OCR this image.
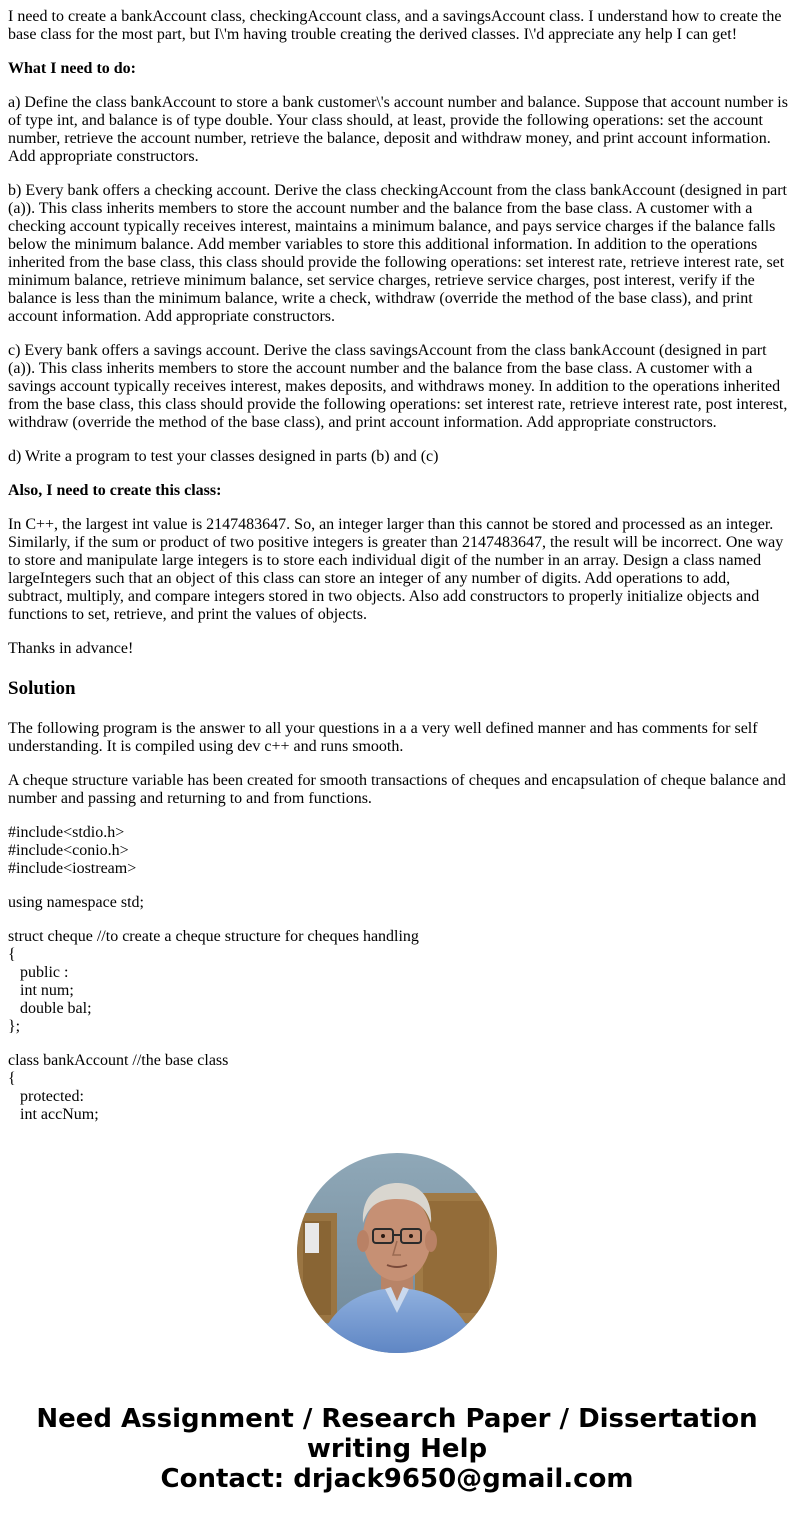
I need to create a bankAccount class, checkingAccount class, and a savingsAccount class. I understand how to create the base class for the most part, but I\'m having trouble creating the derived classes. I\'d appreciate any help I can get!

What I need to do:

a) Define the class bankAccount to store a bank customer\'s account number and balance. Suppose that account number is of type int, and balance is of type double. Your class should, at least, provide the following operations: set the account number, retrieve the account number, retrieve the balance, deposit and withdraw money, and print account information. Add appropriate constructors.

b) Every bank offers a checking account. Derive the class checkingAccount from the class bankAccount (designed in part (a)). This class inherits members to store the account number and the balance from the base class. A customer with a checking account typically receives interest, maintains a minimum balance, and pays service charges if the balance falls below the minimum balance. Add member variables to store this additional information. In addition to the operations inherited from the base class, this class should provide the following operations: set interest rate, retrieve interest rate, set minimum balance, retrieve minimum balance, set service charges, retrieve service charges, post interest, verify if the balance is less than the minimum balance, write a check, withdraw (override the method of the base class), and print account information. Add appropriate constructors.

c) Every bank offers a savings account. Derive the class savingsAccount from the class bankAccount (designed in part (a)). This class inherits members to store the account number and the balance from the base class. A customer with a savings account typically receives interest, makes deposits, and withdraws money. In addition to the operations inherited from the base class, this class should provide the following operations: set interest rate, retrieve interest rate, post interest, withdraw (override the method of the base class), and print account information. Add appropriate constructors.

d) Write a program to test your classes designed in parts (b) and (c)

Also, I need to create this class:

In C++, the largest int value is 2147483647. So, an integer larger than this cannot be stored and processed as an integer. Similarly, if the sum or product of two positive integers is greater than 2147483647, the result will be incorrect. One way to store and manipulate large integers is to store each individual digit of the number in an array. Design a class named largeIntegers such that an object of this class can store an integer of any number of digits. Add operations to add, subtract, multiply, and compare integers stored in two objects. Also add constructors to properly initialize objects and functions to set, retrieve, and print the values of objects.

Thanks in advance!

Solution

The following program is the answer to all your questions in a a very well defined manner and has comments for self understanding. It is compiled using dev c++ and runs smooth.

A cheque structure variable has been created for smooth transactions of cheques and encapsulation of cheque balance and number and passing and returning to and from functions.

#include<stdio.h>
#include<conio.h>
#include<iostream>
using namespace std;
struct cheque //to create a cheque structure for cheques handling
{
public :
int num;
double bal;
};
class bankAccount //the base class
{
protected:
int accNum;
Need Assignment / Research Paper / Dissertation
writing Help
Contact: drjack9650@gmail.com
